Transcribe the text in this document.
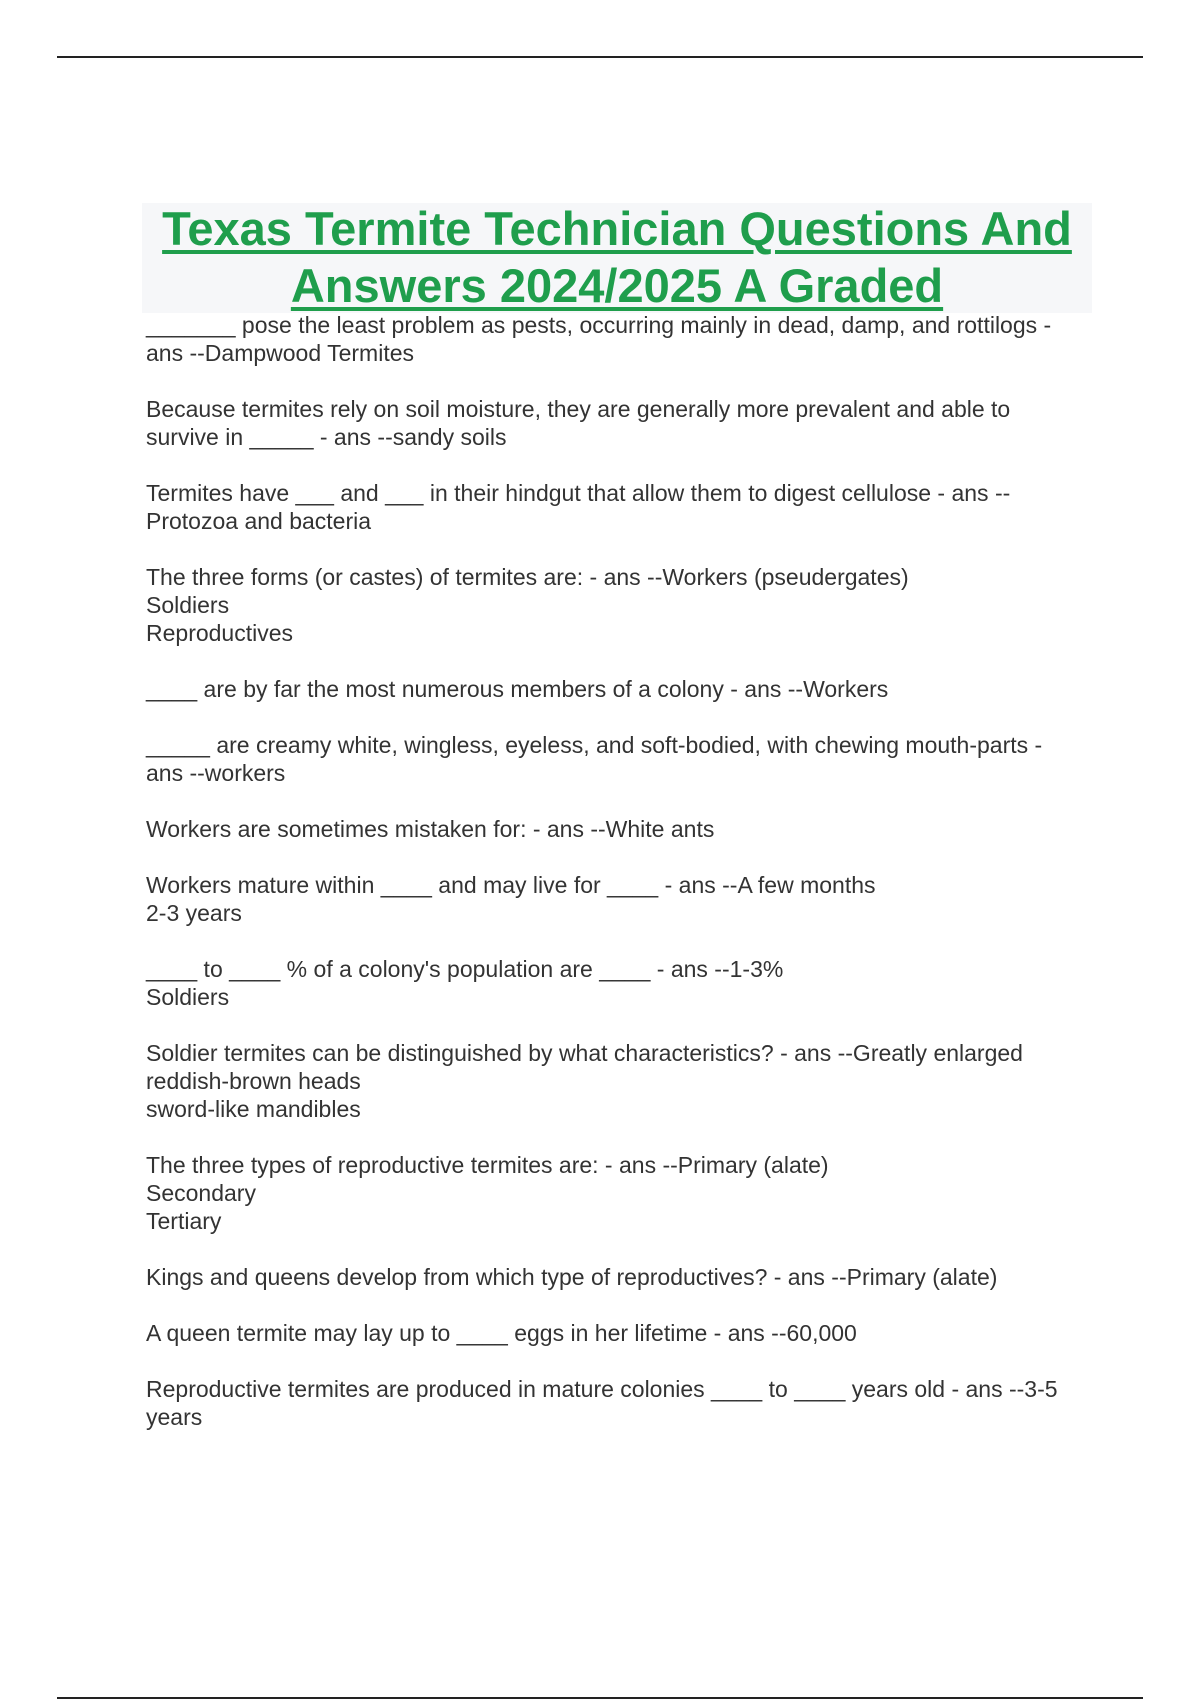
Texas Termite Technician Questions And
Answers 2024/2025 A Graded

_______ pose the least problem as pests, occurring mainly in dead, damp, and rottilogs -
ans --Dampwood Termites

Because termites rely on soil moisture, they are generally more prevalent and able to
survive in _____ - ans --sandy soils

Termites have ___ and ___ in their hindgut that allow them to digest cellulose - ans --
Protozoa and bacteria

The three forms (or castes) of termites are: - ans --Workers (pseudergates)
Soldiers
Reproductives

____ are by far the most numerous members of a colony - ans --Workers

_____ are creamy white, wingless, eyeless, and soft-bodied, with chewing mouth-parts -
ans --workers

Workers are sometimes mistaken for: - ans --White ants

Workers mature within ____ and may live for ____ - ans --A few months
2-3 years

____ to ____ % of a colony's population are ____ - ans --1-3%
Soldiers

Soldier termites can be distinguished by what characteristics? - ans --Greatly enlarged
reddish-brown heads
sword-like mandibles

The three types of reproductive termites are: - ans --Primary (alate)
Secondary
Tertiary

Kings and queens develop from which type of reproductives? - ans --Primary (alate)

A queen termite may lay up to ____ eggs in her lifetime - ans --60,000

Reproductive termites are produced in mature colonies ____ to ____ years old - ans --3-5
years
